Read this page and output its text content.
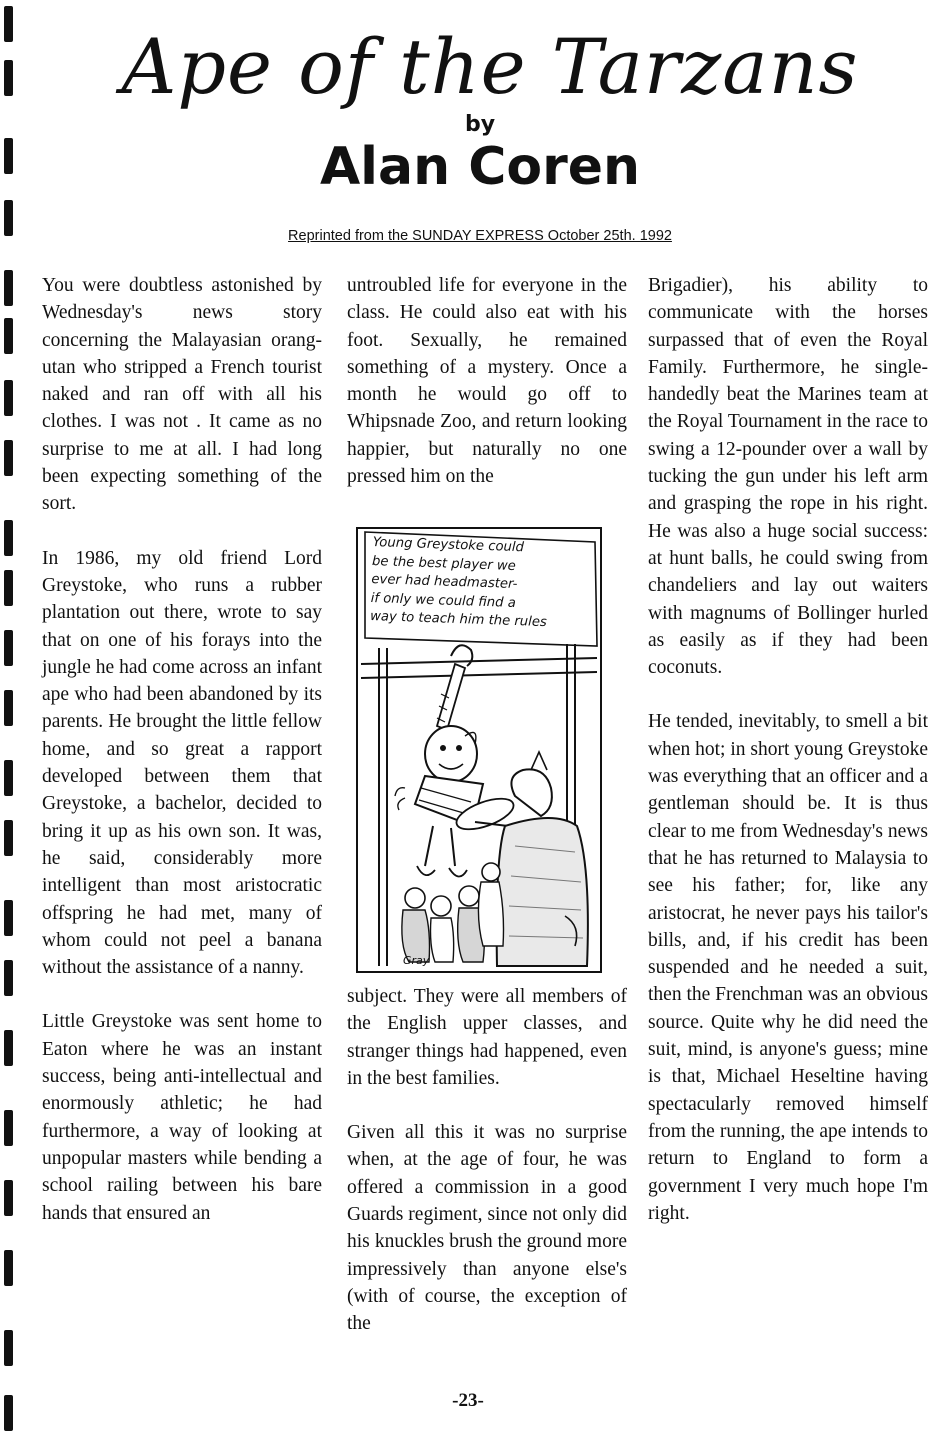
Ape of the Tarzans
by
Alan Coren
Reprinted from the SUNDAY EXPRESS October 25th. 1992

You were doubtless astonished by Wednesday's news story concerning the Malayasian orang-utan who stripped a French tourist naked and ran off with all his clothes. I was not . It came as no surprise to me at all. I had long been expecting something of the sort.

In 1986, my old friend Lord Greystoke, who runs a rubber plantation out there, wrote to say that on one of his forays into the jungle he had come across an infant ape who had been abandoned by its parents. He brought the little fellow home, and so great a rapport developed between them that Greystoke, a bachelor, decided to bring it up as his own son. It was, he said, considerably more intelligent than most aristocratic offspring he had met, many of whom could not peel a banana without the assistance of a nanny.

Little Greystoke was sent home to Eaton where he was an instant success, being anti-intellectual and enormously athletic; he had furthermore, a way of looking at unpopular masters while bending a school railing between his bare hands that ensured an

untroubled life for everyone in the class. He could also eat with his foot. Sexually, he remained something of a mystery. Once a month he would go off to Whipsnade Zoo, and return looking happier, but naturally no one pressed him on the

subject. They were all members of the English upper classes, and stranger things had happened, even in the best families.

Given all this it was no surprise when, at the age of four, he was offered a commission in a good Guards regiment, since not only did his knuckles brush the ground more impressively than anyone else's (with of course, the exception of the

Brigadier), his ability to communicate with the horses surpassed that of even the Royal Family. Furthermore, he single-handedly beat the Marines team at the Royal Tournament in the race to swing a 12-pounder over a wall by tucking the gun under his left arm and grasping the rope in his right. He was also a huge social success: at hunt balls, he could swing from chandeliers and lay out waiters with magnums of Bollinger hurled as easily as if they had been coconuts.

He tended, inevitably, to smell a bit when hot; in short young Greystoke was everything that an officer and a gentleman should be. It is thus clear to me from Wednesday's news that he has returned to Malaysia to see his father; for, like any aristocrat, he never pays his tailor's bills, and, if his credit has been suspended and he needed a suit, then the Frenchman was an obvious source. Quite why he did need the suit, mind, is anyone's guess; mine is that, Michael Heseltine having spectacularly removed himself from the running, the ape intends to return to England to form a government I very much hope I'm right.

Gray
Young Greystoke could
be the best player we
ever had headmaster-
if only we could find a
way to teach him the rules
-23-
